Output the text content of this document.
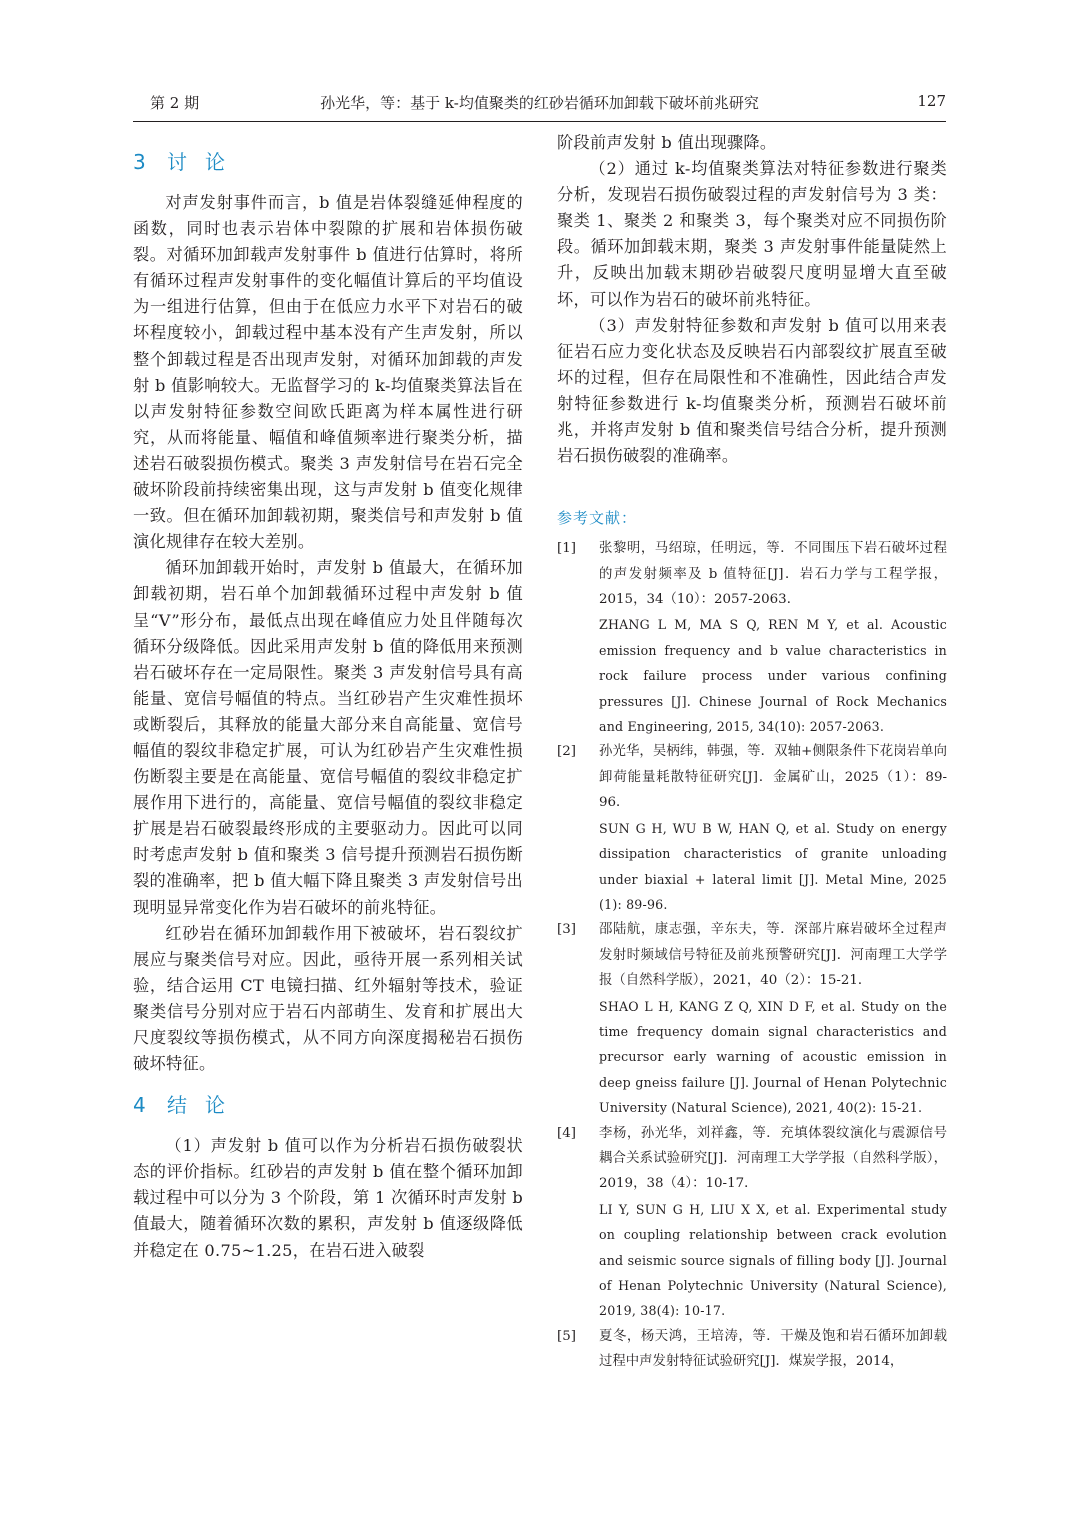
第 2 期	孙光华，等：基于 k-均值聚类的红砂岩循环加卸载下破坏前兆研究	127
3 讨论

对声发射事件而言，b 值是岩体裂缝延伸程度的函数，同时也表示岩体中裂隙的扩展和岩体损伤破裂。对循环加卸载声发射事件 b 值进行估算时，将所有循环过程声发射事件的变化幅值计算后的平均值设为一组进行估算，但由于在低应力水平下对岩石的破坏程度较小，卸载过程中基本没有产生声发射，所以整个卸载过程是否出现声发射，对循环加卸载的声发射 b 值影响较大。无监督学习的 k-均值聚类算法旨在以声发射特征参数空间欧氏距离为样本属性进行研究，从而将能量、幅值和峰值频率进行聚类分析，描述岩石破裂损伤模式。聚类 3 声发射信号在岩石完全破坏阶段前持续密集出现，这与声发射 b 值变化规律一致。但在循环加卸载初期，聚类信号和声发射 b 值演化规律存在较大差别。

循环加卸载开始时，声发射 b 值最大，在循环加卸载初期，岩石单个加卸载循环过程中声发射 b 值呈“V”形分布，最低点出现在峰值应力处且伴随每次循环分级降低。因此采用声发射 b 值的降低用来预测岩石破坏存在一定局限性。聚类 3 声发射信号具有高能量、宽信号幅值的特点。当红砂岩产生灾难性损坏或断裂后，其释放的能量大部分来自高能量、宽信号幅值的裂纹非稳定扩展，可认为红砂岩产生灾难性损伤断裂主要是在高能量、宽信号幅值的裂纹非稳定扩展作用下进行的，高能量、宽信号幅值的裂纹非稳定扩展是岩石破裂最终形成的主要驱动力。因此可以同时考虑声发射 b 值和聚类 3 信号提升预测岩石损伤断裂的准确率，把 b 值大幅下降且聚类 3 声发射信号出现明显异常变化作为岩石破坏的前兆特征。

红砂岩在循环加卸载作用下被破坏，岩石裂纹扩展应与聚类信号对应。因此，亟待开展一系列相关试验，结合运用 CT 电镜扫描、红外辐射等技术，验证聚类信号分别对应于岩石内部萌生、发育和扩展出大尺度裂纹等损伤模式，从不同方向深度揭秘岩石损伤破坏特征。

4 结论

（1）声发射 b 值可以作为分析岩石损伤破裂状态的评价指标。红砂岩的声发射 b 值在整个循环加卸载过程中可以分为 3 个阶段，第 1 次循环时声发射 b 值最大，随着循环次数的累积，声发射 b 值逐级降低并稳定在 0.75~1.25，在岩石进入破裂

阶段前声发射 b 值出现骤降。

（2）通过 k-均值聚类算法对特征参数进行聚类分析，发现岩石损伤破裂过程的声发射信号为 3 类：聚类 1、聚类 2 和聚类 3，每个聚类对应不同损伤阶段。循环加卸载末期，聚类 3 声发射事件能量陡然上升，反映出加载末期砂岩破裂尺度明显增大直至破坏，可以作为岩石的破坏前兆特征。

（3）声发射特征参数和声发射 b 值可以用来表征岩石应力变化状态及反映岩石内部裂纹扩展直至破坏的过程，但存在局限性和不准确性，因此结合声发射特征参数进行 k-均值聚类分析，预测岩石破坏前兆，并将声发射 b 值和聚类信号结合分析，提升预测岩石损伤破裂的准确率。

参考文献：
[1] 张黎明，马绍琼，任明远，等．不同围压下岩石破坏过程的声发射频率及 b 值特征[J]．岩石力学与工程学报，2015，34（10）：2057-2063．
ZHANG L M, MA S Q, REN M Y, et al. Acoustic emission frequency and b value characteristics in rock failure process under various confining pressures [J]. Chinese Journal of Rock Mechanics and Engineering, 2015, 34(10): 2057-2063.
[2] 孙光华，吴柄纬，韩强，等．双轴+侧限条件下花岗岩单向卸荷能量耗散特征研究[J]．金属矿山，2025（1）：89-96．
SUN G H, WU B W, HAN Q, et al. Study on energy dissipation characteristics of granite unloading under biaxial + lateral limit [J]. Metal Mine, 2025 (1): 89-96.
[3] 邵陆航，康志强，辛东夫，等．深部片麻岩破坏全过程声发射时频域信号特征及前兆预警研究[J]．河南理工大学学报（自然科学版），2021，40（2）：15-21．
SHAO L H, KANG Z Q, XIN D F, et al. Study on the time frequency domain signal characteristics and precursor early warning of acoustic emission in deep gneiss failure [J]. Journal of Henan Polytechnic University (Natural Science), 2021, 40(2): 15-21.
[4] 李杨，孙光华，刘祥鑫，等．充填体裂纹演化与震源信号耦合关系试验研究[J]．河南理工大学学报（自然科学版），2019，38（4）：10-17．
LI Y, SUN G H, LIU X X, et al. Experimental study on coupling relationship between crack evolution and seismic source signals of filling body [J]. Journal of Henan Polytechnic University (Natural Science), 2019, 38(4): 10-17.
[5] 夏冬，杨天鸿，王培涛，等．干燥及饱和岩石循环加卸载过程中声发射特征试验研究[J]．煤炭学报，2014，
